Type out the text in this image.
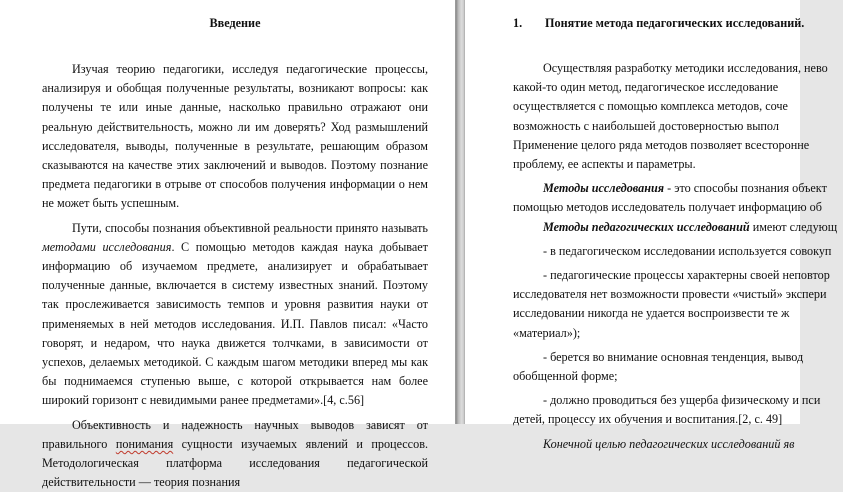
Введение

Изучая теорию педагогики, исследуя педагогические процессы, анализируя и обобщая полученные результаты, возникают вопросы: как получены те или иные данные, насколько правильно отражают они реальную действительность, можно ли им доверять? Ход размышлений исследователя, выводы, полученные в результате, решающим образом сказываются на качестве этих заключений и выводов. Поэтому познание предмета педагогики в отрыве от способов получения информации о нем не может быть успешным.

Пути, способы познания объективной реальности принято называть методами исследования. С помощью методов каждая наука добывает информацию об изучаемом предмете, анализирует и обрабатывает полученные данные, включается в систему известных знаний. Поэтому так прослеживается зависимость темпов и уровня развития науки от применяемых в ней методов исследования. И.П. Павлов писал: «Часто говорят, и недаром, что наука движется толчками, в зависимости от успехов, делаемых методикой. С каждым шагом методики вперед мы как бы поднимаемся ступенью выше, с которой открывается нам более широкий горизонт с невидимыми ранее предметами».[4, с.56]

Объективность и надежность научных выводов зависят от правильного понимания сущности изучаемых явлений и процессов. Методологическая платформа исследования педагогической действительности — теория познания

1. Понятие метода педагогических исследований.

Осуществляя разработку методики исследования, нево

какой-то один метод, педагогическое исследование

осуществляется с помощью комплекса методов, соче

возможность с наибольшей достоверностью выпол

Применение целого ряда методов позволяет всесторонне

проблему, ее аспекты и параметры.

Методы исследования - это способы познания объект

помощью методов исследователь получает информацию об

Методы педагогических исследований имеют следующ

- в педагогическом исследовании используется совокуп

- педагогические процессы характерны своей неповтор

исследователя нет возможности провести «чистый» экспери

исследовании никогда не удается воспроизвести те ж

«материал»);

- берется во внимание основная тенденция, вывод

обобщенной форме;

- должно проводиться без ущерба физическому и пси

детей, процессу их обучения и воспитания.[2, с. 49]

Конечной целью педагогических исследований яв
